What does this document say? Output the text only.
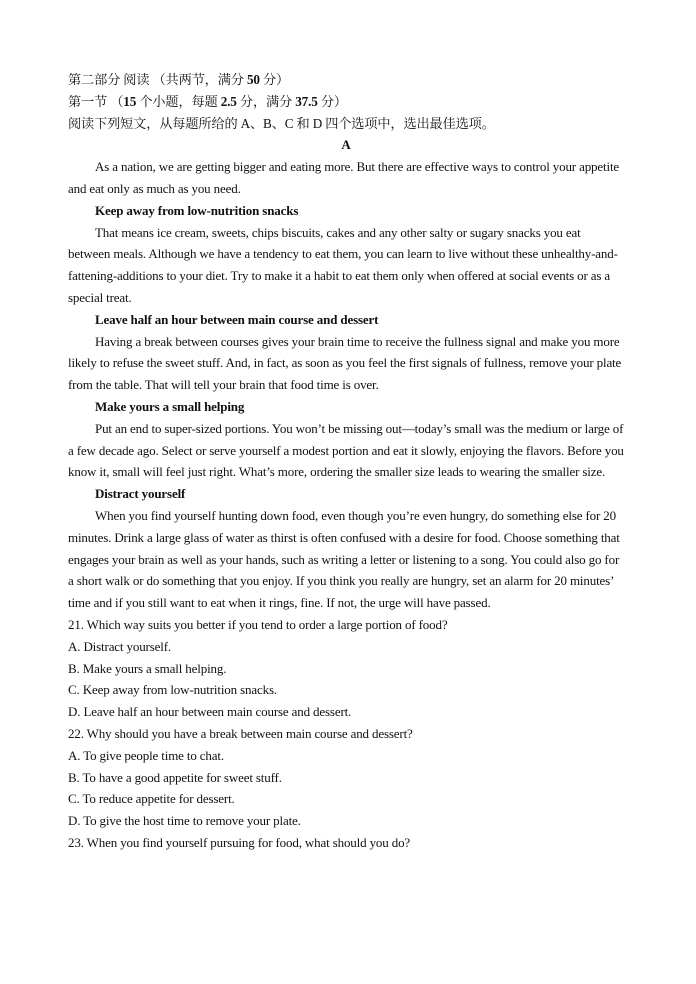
第二部分 阅读 （共两节，满分 50 分）
第一节 （15 个小题，每题 2.5 分，满分 37.5 分）
阅读下列短文，从每题所给的 A、B、C 和 D 四个选项中，选出最佳选项。
A
As a nation, we are getting bigger and eating more. But there are effective ways to control your appetite and eat only as much as you need.
Keep away from low-nutrition snacks
That means ice cream, sweets, chips biscuits, cakes and any other salty or sugary snacks you eat between meals. Although we have a tendency to eat them, you can learn to live without these unhealthy-and-fattening-additions to your diet. Try to make it a habit to eat them only when offered at social events or as a special treat.
Leave half an hour between main course and dessert
Having a break between courses gives your brain time to receive the fullness signal and make you more likely to refuse the sweet stuff. And, in fact, as soon as you feel the first signals of fullness, remove your plate from the table. That will tell your brain that food time is over.
Make yours a small helping
Put an end to super-sized portions. You won’t be missing out—today’s small was the medium or large of a few decade ago. Select or serve yourself a modest portion and eat it slowly, enjoying the flavors. Before you know it, small will feel just right. What’s more, ordering the smaller size leads to wearing the smaller size.
Distract yourself
When you find yourself hunting down food, even though you’re even hungry, do something else for 20 minutes. Drink a large glass of water as thirst is often confused with a desire for food. Choose something that engages your brain as well as your hands, such as writing a letter or listening to a song. You could also go for a short walk or do something that you enjoy. If you think you really are hungry, set an alarm for 20 minutes’ time and if you still want to eat when it rings, fine. If not, the urge will have passed.
21. Which way suits you better if you tend to order a large portion of food?
A. Distract yourself.
B. Make yours a small helping.
C. Keep away from low-nutrition snacks.
D. Leave half an hour between main course and dessert.
22. Why should you have a break between main course and dessert?
A. To give people time to chat.
B. To have a good appetite for sweet stuff.
C. To reduce appetite for dessert.
D. To give the host time to remove your plate.
23. When you find yourself pursuing for food, what should you do?
